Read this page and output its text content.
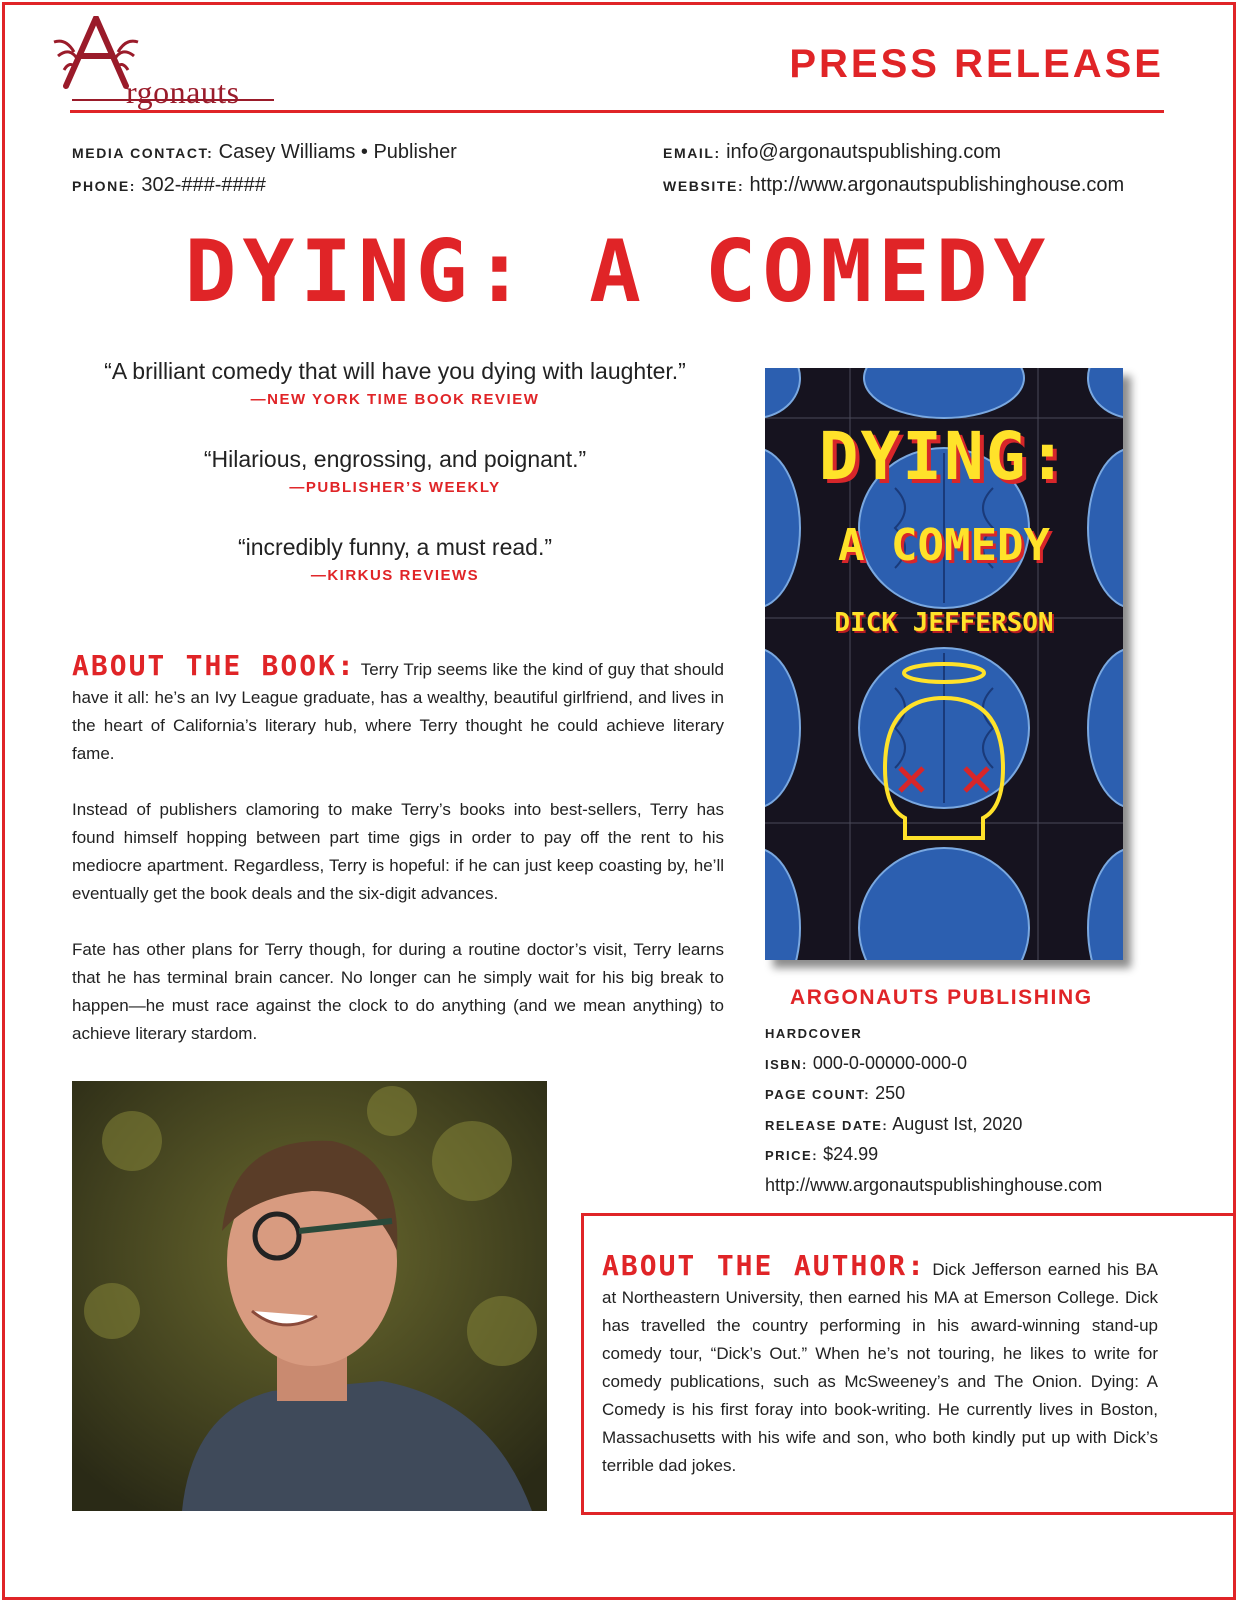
rgonauts
PRESS RELEASE
MEDIA CONTACT: Casey Williams • Publisher
PHONE: 302-###-####
EMAIL: info@argonautspublishing.com
WEBSITE: http://www.argonautspublishinghouse.com
DYING: A COMEDY

“A brilliant comedy that will have you dying with laughter.”

—NEW YORK TIME BOOK REVIEW

“Hilarious, engrossing, and poignant.”

—PUBLISHER’S WEEKLY

“incredibly funny, a must read.”

—KIRKUS REVIEWS

ABOUT THE BOOK: Terry Trip seems like the kind of guy that should have it all: he’s an Ivy League graduate, has a wealthy, beautiful girlfriend, and lives in the heart of California’s literary hub, where Terry thought he could achieve literary fame.

Instead of publishers clamoring to make Terry’s books into best-sellers, Terry has found himself hopping between part time gigs in order to pay off the rent to his mediocre apartment. Regardless, Terry is hopeful: if he can just keep coasting by, he’ll eventually get the book deals and the six-digit advances.

Fate has other plans for Terry though, for during a routine doctor’s visit, Terry learns that he has terminal brain cancer. No longer can he simply wait for his big break to happen—he must race against the clock to do anything (and we mean anything) to achieve literary stardom.

DYING:
A COMEDY
DICK JEFFERSON
ARGONAUTS PUBLISHING
HARDCOVER
ISBN: 000-0-00000-000-0
PAGE COUNT: 250
RELEASE DATE: August Ist, 2020
PRICE: $24.99
http://www.argonautspublishinghouse.com
ABOUT THE AUTHOR: Dick Jefferson earned his BA at Northeastern University, then earned his MA at Emerson College. Dick has travelled the country performing in his award-winning stand-up comedy tour, “Dick’s Out.” When he’s not touring, he likes to write for comedy publications, such as McSweeney’s and The Onion. Dying: A Comedy is his first foray into book-writing. He currently lives in Boston, Massachusetts with his wife and son, who both kindly put up with Dick’s terrible dad jokes.
